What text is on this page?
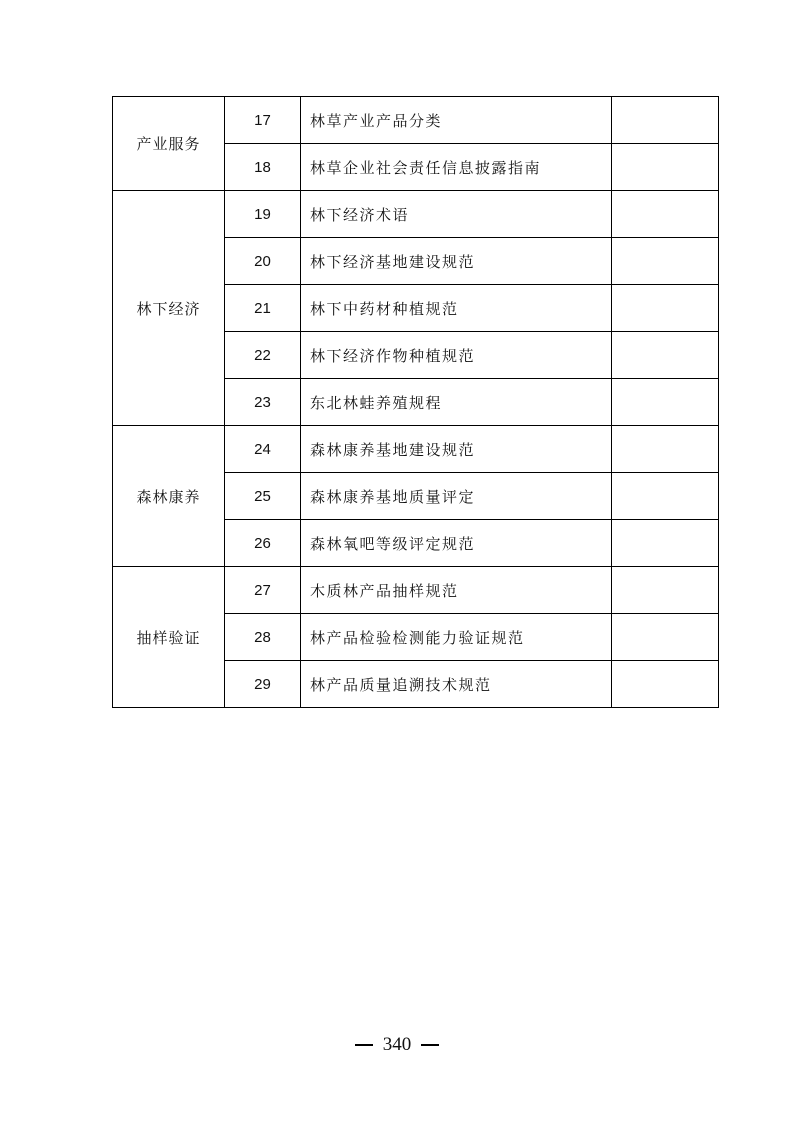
产业服务	17	林草产业产品分类	
	18	林草企业社会责任信息披露指南	
林下经济	19	林下经济术语	
	20	林下经济基地建设规范	
	21	林下中药材种植规范	
	22	林下经济作物种植规范	
	23	东北林蛙养殖规程	
森林康养	24	森林康养基地建设规范	
	25	森林康养基地质量评定	
	26	森林氧吧等级评定规范	
抽样验证	27	木质林产品抽样规范	
	28	林产品检验检测能力验证规范	
	29	林产品质量追溯技术规范	
340
